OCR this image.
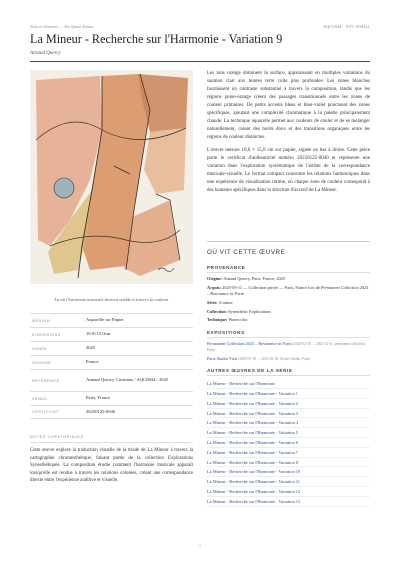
Notices d'œuvres — Art Quarz Anima	AQC0844 · NTC-000441
La Mineur - Recherche sur l'Harmonie - Variation 9
Arnaud Quercy
La où l'harmonie musicale devient visible à travers la couleur
MÉDIUM	Aquarelle sur Papier
DIMENSIONS	10.0×15.0cm
ANNÉE	2025
ORIGINE	France
RÉFÉRENCE	Arnaud Quercy Creations / AQC0844 / 2025
VENDU	Paris, France
CERTIFICAT	20250125-0040
NOTES CURATORIALES

Cette œuvre explore la traduction visuelle de la triade de La Mineur à travers la cartographie chromesthétique, faisant partie de la collection Explorations Synesthétiques. La composition étudie comment l'harmonie musicale apparaît lorsqu'elle est rendue à travers les relations colorées, créant une correspondance directe entre l'expérience auditive et visuelle.

Les tons orange dominent la surface, apparaissant en multiples variations du saumon clair aux teintes terre cuite plus profondes. Les zones blanches fournissent un contraste substantiel à travers la composition, tandis que les régions jaune-orange créent des passages transitionnels entre les zones de couleur primaires. De petits accents bleus et bleu-violet ponctuent des zones spécifiques, ajoutant une complexité chromatique à la palette principalement chaude. La technique aquarelle permet aux couleurs de couler et de se mélanger naturellement, créant des bords doux et des transitions organiques entre les régions de couleur distinctes.

L'œuvre mesure 10,0 × 15,0 cm sur papier, signée en bas à droite. Cette pièce porte le certificat d'authenticité numéro 20250125-0040 et représente une variation dans l'exploration systématique de l'artiste de la correspondance musicale-visuelle. Le format compact concentre les relations harmoniques dans une expérience de visualisation intime, où chaque zone de couleur correspond à des hauteurs spécifiques dans la structure d'accord de La Mineur.

OÙ VIT CETTE ŒUVRE
PROVENANCE
Origine: Arnaud Quercy, Paris, France, 2025
Acquis: 2025-05-11 — Collection privée — Paris, France lors de Permanent Collection 2025 – Resonance in Form
Série: A minor
Collection: Synesthetic Explorations
Technique: Watercolor
EXPOSITIONS
Permanent Collection 2025 – Resonance in Form (2025-02-20 → 2025-12-31, permanent collection, Paris)
Paris Studio Visit (2025-01-18 → 2025-01-18, Artist's Studio, Paris)
AUTRES ŒUVRES DE LA SÉRIE
La Mineur - Recherche sur l'Harmonie
La Mineur - Recherche sur l'Harmonie - Variation 1
La Mineur - Recherche sur l'Harmonie - Variation 2
La Mineur - Recherche sur l'Harmonie - Variation 3
La Mineur - Recherche sur l'Harmonie - Variation 4
La Mineur - Recherche sur l'Harmonie - Variation 5
La Mineur - Recherche sur l'Harmonie - Variation 6
La Mineur - Recherche sur l'Harmonie - Variation 7
La Mineur - Recherche sur l'Harmonie - Variation 8
La Mineur - Recherche sur l'Harmonie - Variation 10
La Mineur - Recherche sur l'Harmonie - Variation 11
La Mineur - Recherche sur l'Harmonie - Variation 12
La Mineur - Recherche sur l'Harmonie - Variation 13
1
